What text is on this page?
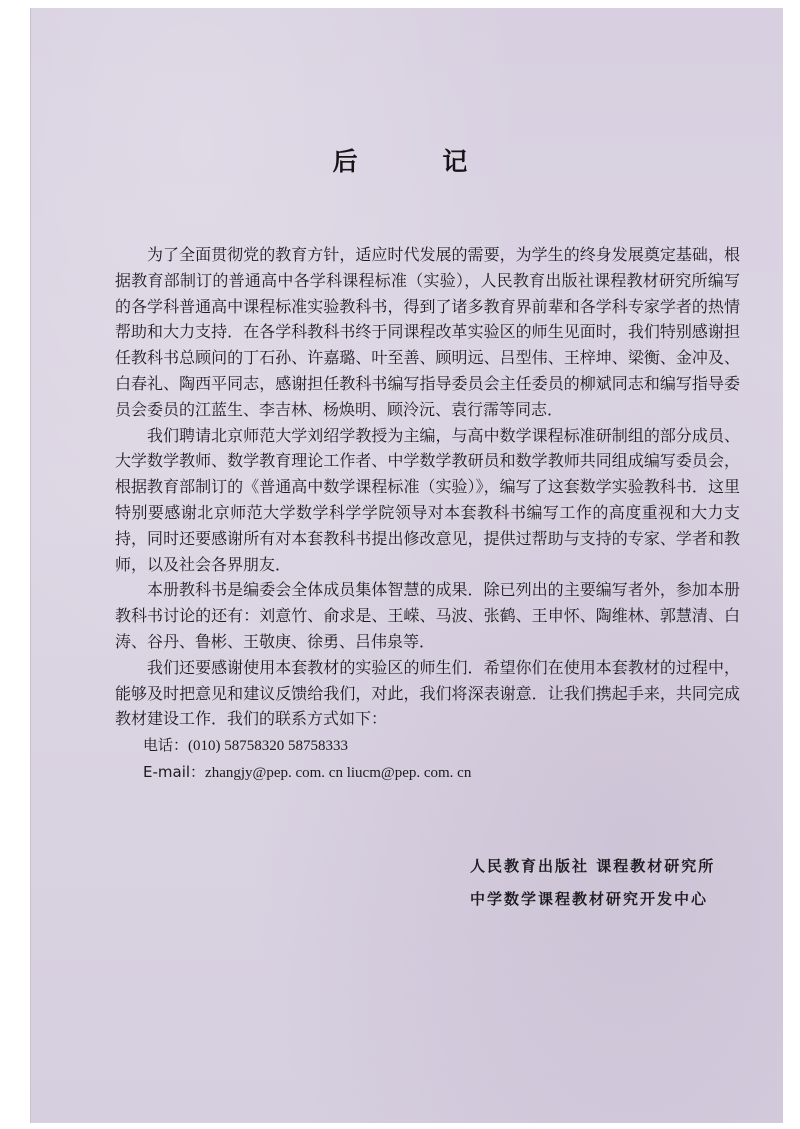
后 记

为了全面贯彻党的教育方针，适应时代发展的需要，为学生的终身发展奠定基础，根据教育部制订的普通高中各学科课程标准（实验），人民教育出版社课程教材研究所编写的各学科普通高中课程标准实验教科书，得到了诸多教育界前辈和各学科专家学者的热情帮助和大力支持．在各学科教科书终于同课程改革实验区的师生见面时，我们特别感谢担任教科书总顾问的丁石孙、许嘉璐、叶至善、顾明远、吕型伟、王梓坤、梁衡、金冲及、白春礼、陶西平同志，感谢担任教科书编写指导委员会主任委员的柳斌同志和编写指导委员会委员的江蓝生、李吉林、杨焕明、顾泠沅、袁行霈等同志．

我们聘请北京师范大学刘绍学教授为主编，与高中数学课程标准研制组的部分成员、大学数学教师、数学教育理论工作者、中学数学教研员和数学教师共同组成编写委员会，根据教育部制订的《普通高中数学课程标准（实验）》，编写了这套数学实验教科书．这里特别要感谢北京师范大学数学科学学院领导对本套教科书编写工作的高度重视和大力支持，同时还要感谢所有对本套教科书提出修改意见，提供过帮助与支持的专家、学者和教师，以及社会各界朋友．

本册教科书是编委会全体成员集体智慧的成果．除已列出的主要编写者外，参加本册教科书讨论的还有：刘意竹、俞求是、王嵘、马波、张鹤、王申怀、陶维林、郭慧清、白涛、谷丹、鲁彬、王敬庚、徐勇、吕伟泉等．

我们还要感谢使用本套教材的实验区的师生们．希望你们在使用本套教材的过程中，能够及时把意见和建议反馈给我们，对此，我们将深表谢意．让我们携起手来，共同完成教材建设工作．我们的联系方式如下：

电话：(010) 58758320 58758333
E-mail：zhangjy@pep. com. cn liucm@pep. com. cn
人民教育出版社 课程教材研究所
中学数学课程教材研究开发中心
